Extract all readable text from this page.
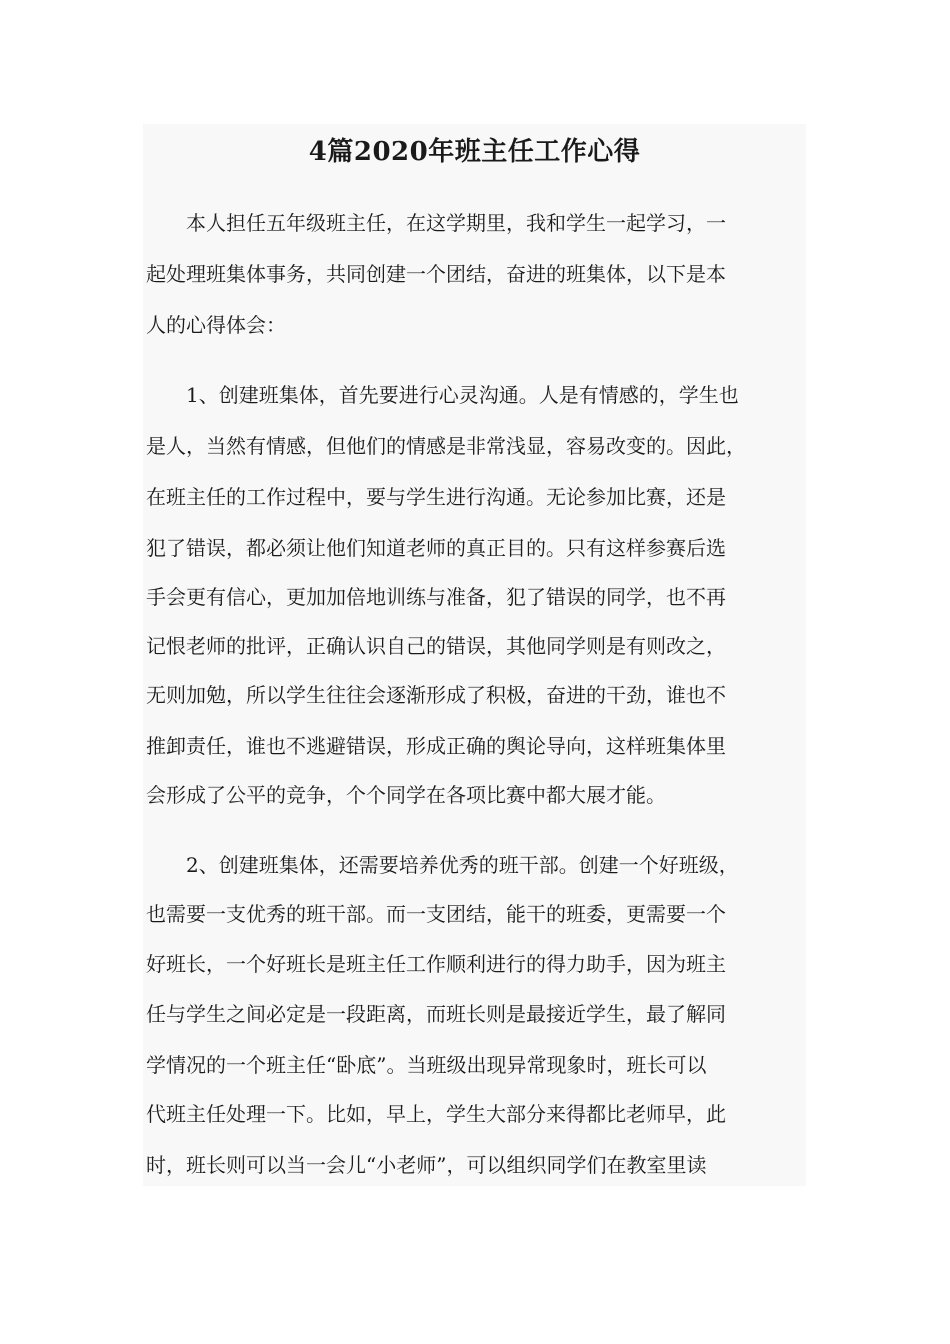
4篇2020年班主任工作心得

　　本人担任五年级班主任，在这学期里，我和学生一起学习，一

起处理班集体事务，共同创建一个团结，奋进的班集体，以下是本

人的心得体会：

　　1、创建班集体，首先要进行心灵沟通。人是有情感的，学生也

是人，当然有情感，但他们的情感是非常浅显，容易改变的。因此，

在班主任的工作过程中，要与学生进行沟通。无论参加比赛，还是

犯了错误，都必须让他们知道老师的真正目的。只有这样参赛后选

手会更有信心，更加加倍地训练与准备，犯了错误的同学，也不再

记恨老师的批评，正确认识自己的错误，其他同学则是有则改之，

无则加勉，所以学生往往会逐渐形成了积极，奋进的干劲，谁也不

推卸责任，谁也不逃避错误，形成正确的舆论导向，这样班集体里

会形成了公平的竞争，个个同学在各项比赛中都大展才能。

　　2、创建班集体，还需要培养优秀的班干部。创建一个好班级，

也需要一支优秀的班干部。而一支团结，能干的班委，更需要一个

好班长，一个好班长是班主任工作顺利进行的得力助手，因为班主

任与学生之间必定是一段距离，而班长则是最接近学生，最了解同

学情况的一个班主任“卧底”。当班级出现异常现象时，班长可以

代班主任处理一下。比如，早上，学生大部分来得都比老师早，此

时，班长则可以当一会儿“小老师”，可以组织同学们在教室里读
